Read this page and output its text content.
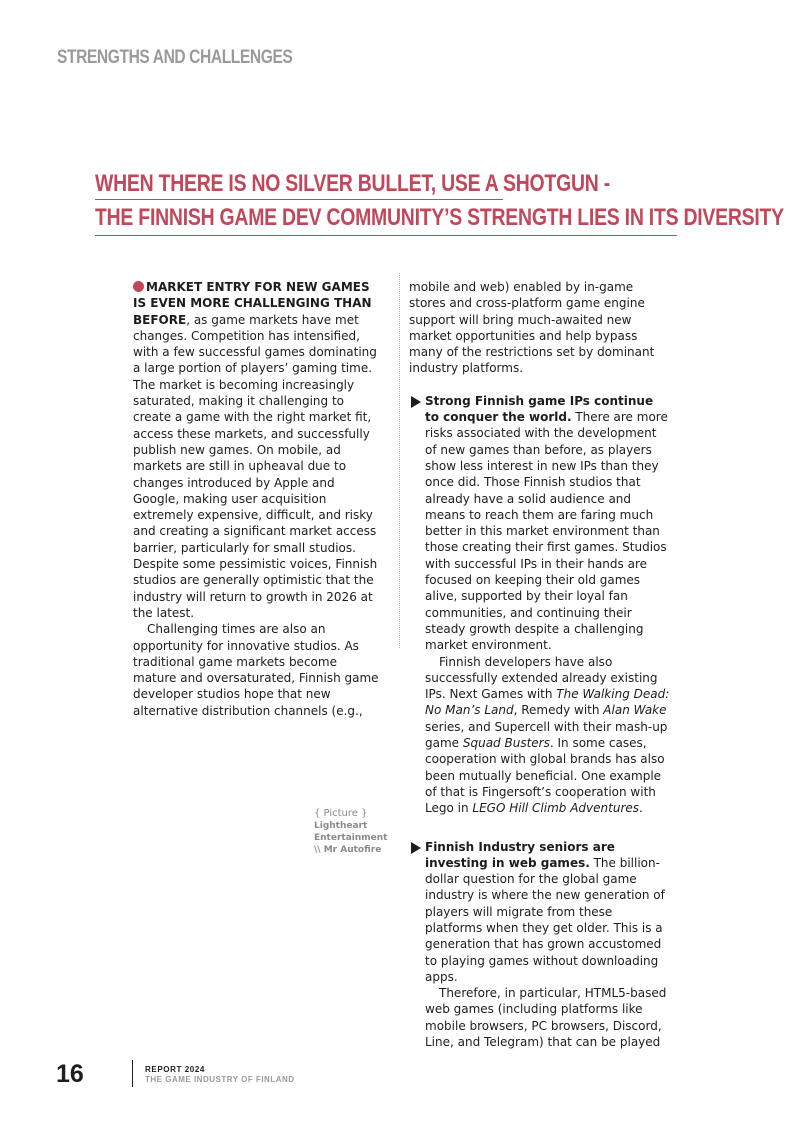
STRENGTHS AND CHALLENGES
WHEN THERE IS NO SILVER BULLET, USE A SHOTGUN -
THE FINNISH GAME DEV COMMUNITY’S STRENGTH LIES IN ITS DIVERSITY

MARKET ENTRY FOR NEW GAMES IS EVEN MORE CHALLENGING THAN BEFORE, as game markets have met changes. Competition has intensified, with a few successful games dominating a large portion of players’ gaming time. The market is becoming increasingly saturated, making it challenging to create a game with the right market fit, access these markets, and successfully publish new games. On mobile, ad markets are still in upheaval due to changes introduced by Apple and Google, making user acquisition extremely expensive, difficult, and risky and creating a significant market access barrier, particularly for small studios. Despite some pessimistic voices, Finnish studios are generally optimistic that the industry will return to growth in 2026 at the latest.

Challenging times are also an opportunity for innovative studios. As traditional game markets become mature and oversaturated, Finnish game developer studios hope that new alternative distribution channels (e.g.,

mobile and web) enabled by in-game stores and cross-platform game engine support will bring much-awaited new market opportunities and help bypass many of the restrictions set by dominant industry platforms.

Strong Finnish game IPs continue to conquer the world. There are more risks associated with the development of new games than before, as players show less interest in new IPs than they once did. Those Finnish studios that already have a solid audience and means to reach them are faring much better in this market environment than those creating their first games. Studios with successful IPs in their hands are focused on keeping their old games alive, supported by their loyal fan communities, and continuing their steady growth despite a challenging market environment.

Finnish developers have also successfully extended already existing IPs. Next Games with The Walking Dead: No Man’s Land, Remedy with Alan Wake series, and Supercell with their mash-up game Squad Busters. In some cases, cooperation with global brands has also been mutually beneficial. One example of that is Fingersoft’s cooperation with Lego in LEGO Hill Climb Adventures.

Finnish Industry seniors are investing in web games. The billion-dollar question for the global game industry is where the new generation of players will migrate from these platforms when they get older. This is a generation that has grown accustomed to playing games without downloading apps.

Therefore, in particular, HTML5-based web games (including platforms like mobile browsers, PC browsers, Discord, Line, and Telegram) that can be played

{ Picture }
Lightheart Entertainment \\ Mr Autofire
16	REPORT 2024
THE GAME INDUSTRY OF FINLAND
